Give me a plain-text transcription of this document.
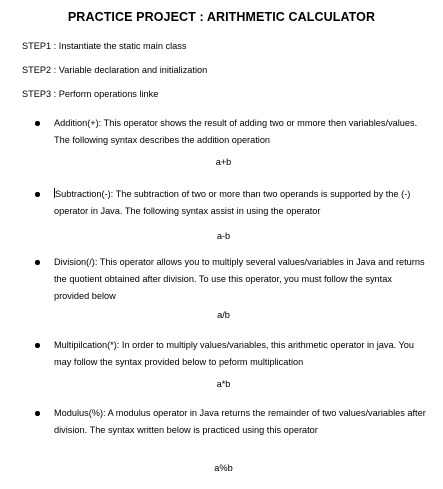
PRACTICE PROJECT : ARITHMETIC CALCULATOR
STEP1 : Instantiate the static main class
STEP2 : Variable declaration and initialization
STEP3 : Perform operations linke
Addition(+): This operator shows the result of adding two or mmore then variables/values. The following syntax describes the addition operation
a+b
Subtraction(-): The subtraction of two or more than two operands is supported by the (-) operator in Java. The following syntax assist in using the operator
a-b
Division(/): This operator allows you to multiply several values/variables in Java and returns the quotient obtained after division. To use this operator, you must follow the syntax provided below
a/b
Multipilcation(*): In order to multiply values/variables, this arithmetic operator in java. You may follow the syntax provided below to peform multiplication
a*b
Modulus(%): A modulus operator in Java returns the remainder of two values/variables after division. The syntax written below is practiced using this operator
a%b
